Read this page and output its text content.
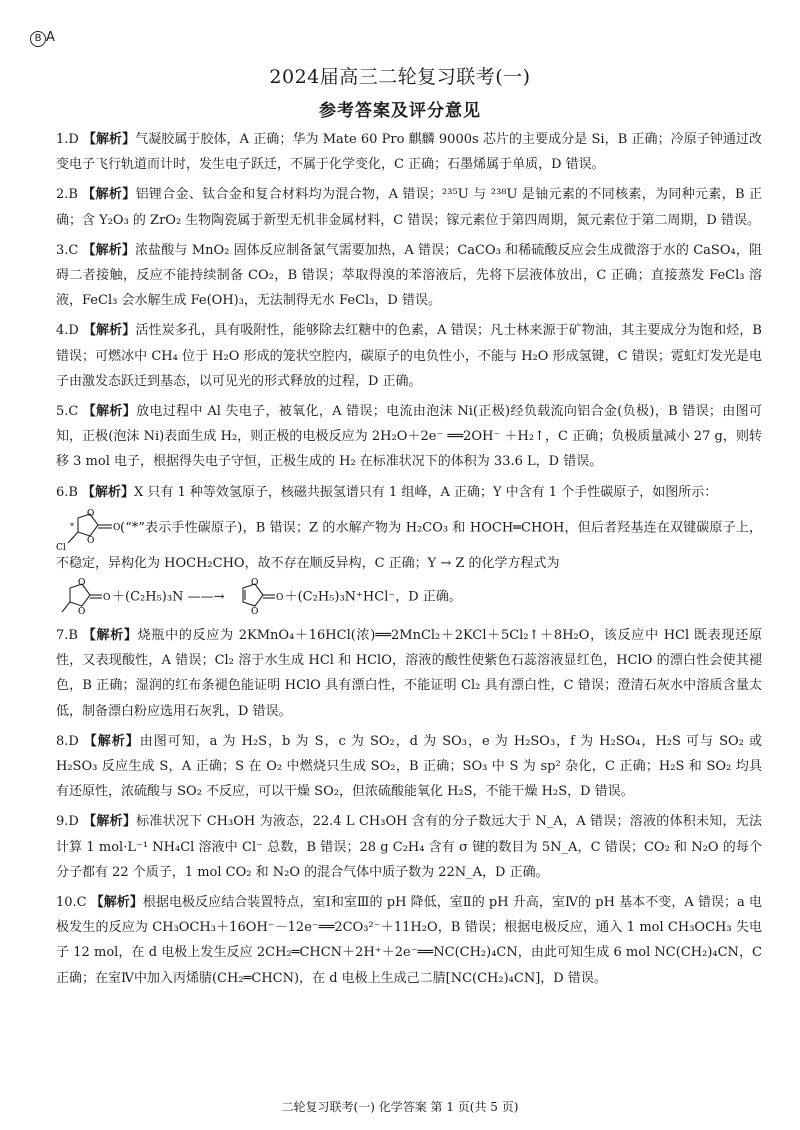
B A
2024届高三二轮复习联考(一)
参考答案及评分意见

1.D 【解析】气凝胶属于胶体，A 正确；华为 Mate 60 Pro 麒麟 9000s 芯片的主要成分是 Si，B 正确；冷原子钟通过改变电子飞行轨道而计时，发生电子跃迁，不属于化学变化，C 正确；石墨烯属于单质，D 错误。

2.B 【解析】铝锂合金、钛合金和复合材料均为混合物，A 错误；²³⁵U 与 ²³⁸U 是铀元素的不同核素，为同种元素，B 正确；含 Y₂O₃ 的 ZrO₂ 生物陶瓷属于新型无机非金属材料，C 错误；镓元素位于第四周期，氮元素位于第二周期，D 错误。

3.C 【解析】浓盐酸与 MnO₂ 固体反应制备氯气需要加热，A 错误；CaCO₃ 和稀硫酸反应会生成微溶于水的 CaSO₄，阻碍二者接触，反应不能持续制备 CO₂，B 错误；萃取得溴的苯溶液后，先将下层液体放出，C 正确；直接蒸发 FeCl₃ 溶液，FeCl₃ 会水解生成 Fe(OH)₃，无法制得无水 FeCl₃，D 错误。

4.D 【解析】活性炭多孔，具有吸附性，能够除去红糖中的色素，A 错误；凡士林来源于矿物油，其主要成分为饱和烃，B 错误；可燃冰中 CH₄ 位于 H₂O 形成的笼状空腔内，碳原子的电负性小，不能与 H₂O 形成氢键，C 错误；霓虹灯发光是电子由激发态跃迁到基态，以可见光的形式释放的过程，D 正确。

5.C 【解析】放电过程中 Al 失电子，被氧化，A 错误；电流由泡沫 Ni(正极)经负载流向铝合金(负极)，B 错误；由图可知，正极(泡沫 Ni)表面生成 H₂，则正极的电极反应为 2H₂O＋2e⁻ ══2OH⁻ ＋H₂↑，C 正确；负极质量减小 27 g，则转移 3 mol 电子，根据得失电子守恒，正极生成的 H₂ 在标准状况下的体积为 33.6 L，D 错误。

6.B 【解析】X 只有 1 种等效氢原子，核磁共振氢谱只有 1 组峰，A 正确；Y 中含有 1 个手性碳原子，如图所示：

O
O
O
*
Cl
(“*”表示手性碳原子)，B 错误；Z 的水解产物为 H₂CO₃ 和 HOCH═CHOH，但后者羟基连在双键碳原子上，不稳定，异构化为 HOCH₂CHO，故不存在顺反异构，C 正确；Y → Z 的化学方程式为

O
O
O ＋(C₂H₅)₃N ——→
O
O
O ＋(C₂H₅)₃N⁺HCl⁻，D 正确。

7.B 【解析】烧瓶中的反应为 2KMnO₄＋16HCl(浓)══2MnCl₂＋2KCl＋5Cl₂↑＋8H₂O，该反应中 HCl 既表现还原性，又表现酸性，A 错误；Cl₂ 溶于水生成 HCl 和 HClO，溶液的酸性使紫色石蕊溶液显红色，HClO 的漂白性会使其褪色，B 正确；湿润的红布条褪色能证明 HClO 具有漂白性，不能证明 Cl₂ 具有漂白性，C 错误；澄清石灰水中溶质含量太低，制备漂白粉应选用石灰乳，D 错误。

8.D 【解析】由图可知，a 为 H₂S，b 为 S，c 为 SO₂，d 为 SO₃，e 为 H₂SO₃，f 为 H₂SO₄，H₂S 可与 SO₂ 或 H₂SO₃ 反应生成 S，A 正确；S 在 O₂ 中燃烧只生成 SO₂，B 正确；SO₃ 中 S 为 sp² 杂化，C 正确；H₂S 和 SO₂ 均具有还原性，浓硫酸与 SO₂ 不反应，可以干燥 SO₂，但浓硫酸能氧化 H₂S，不能干燥 H₂S，D 错误。

9.D 【解析】标准状况下 CH₃OH 为液态，22.4 L CH₃OH 含有的分子数远大于 N_A，A 错误；溶液的体积未知，无法计算 1 mol·L⁻¹ NH₄Cl 溶液中 Cl⁻ 总数，B 错误；28 g C₂H₄ 含有 σ 键的数目为 5N_A，C 错误；CO₂ 和 N₂O 的每个分子都有 22 个质子，1 mol CO₂ 和 N₂O 的混合气体中质子数为 22N_A，D 正确。

10.C 【解析】根据电极反应结合装置特点，室Ⅰ和室Ⅲ的 pH 降低，室Ⅱ的 pH 升高，室Ⅳ的 pH 基本不变，A 错误；a 电极发生的反应为 CH₃OCH₃＋16OH⁻－12e⁻══2CO₃²⁻＋11H₂O，B 错误；根据电极反应，通入 1 mol CH₃OCH₃ 失电子 12 mol，在 d 电极上发生反应 2CH₂═CHCN＋2H⁺＋2e⁻══NC(CH₂)₄CN，由此可知生成 6 mol NC(CH₂)₄CN，C 正确；在室Ⅳ中加入丙烯腈(CH₂═CHCN)，在 d 电极上生成己二腈[NC(CH₂)₄CN]，D 错误。

二轮复习联考(一) 化学答案 第 1 页(共 5 页)
